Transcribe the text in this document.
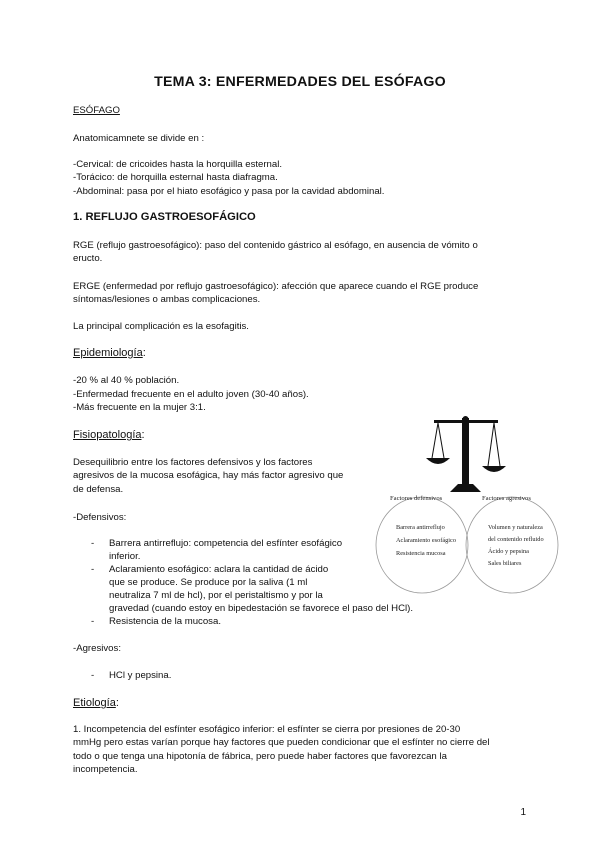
TEMA 3: ENFERMEDADES DEL ESÓFAGO

ESÓFAGO

Anatomicamnete se divide en :

-Cervical: de cricoides hasta la horquilla esternal.

-Torácico: de horquilla esternal hasta diafragma.

-Abdominal: pasa por el hiato esofágico y pasa por la cavidad abdominal.

1. REFLUJO GASTROESOFÁGICO

RGE (reflujo gastroesofágico): paso del contenido gástrico al esófago, en ausencia de vómito o

eructo.

ERGE (enfermedad por reflujo gastroesofágico): afección que aparece cuando el RGE produce

síntomas/lesiones o ambas complicaciones.

La principal complicación es la esofagitis.

Epidemiología:

-20 % al 40 % población.

-Enfermedad frecuente en el adulto joven (30-40 años).

-Más frecuente en la mujer 3:1.

Fisiopatología:

Desequilibrio entre los factores defensivos y los factores

agresivos de la mucosa esofágica, hay más factor agresivo que

de defensa.

-Defensivos:

- Barrera antirreflujo: competencia del esfínter esofágico

inferior.

- Aclaramiento esofágico: aclara la cantidad de ácido

que se produce. Se produce por la saliva (1 ml

neutraliza 7 ml de hcl), por el peristaltismo y por la

gravedad (cuando estoy en bipedestación se favorece el paso del HCl).

- Resistencia de la mucosa.

-Agresivos:

- HCl y pepsina.

Etiología:

1. Incompetencia del esfínter esofágico inferior: el esfínter se cierra por presiones de 20-30

mmHg pero estas varían porque hay factores que pueden condicionar que el esfínter no cierre del

todo o que tenga una hipotonía de fábrica, pero puede haber factores que favorezcan la

incompetencia.

Factores defensivos	Factores agresivos
Barrera antirreflujo
Aclaramiento esofágico
Resistencia mucosa
Volumen y naturaleza
del contenido refluido
Ácido y pepsina
Sales biliares

1
